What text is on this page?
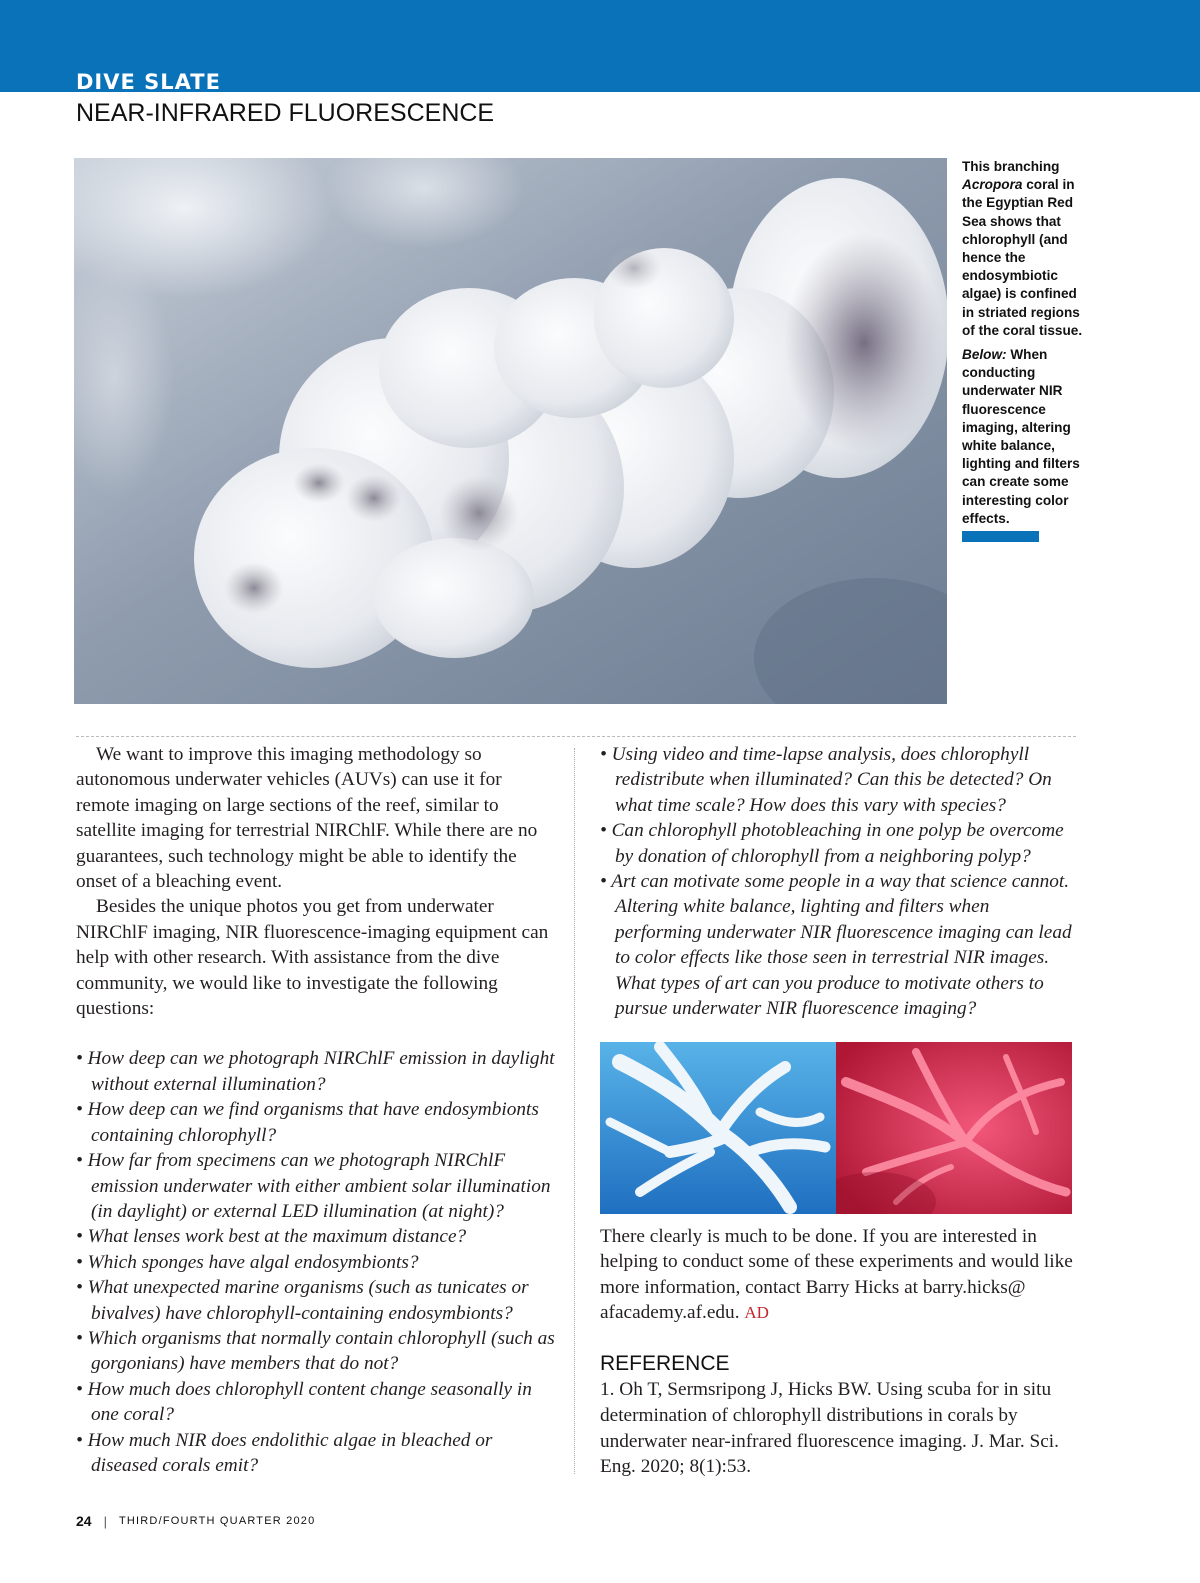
DIVE SLATE
NEAR-INFRARED FLUORESCENCE

This branching Acropora coral in the Egyptian Red Sea shows that chlorophyll (and hence the endosymbiotic algae) is confined in striated regions of the coral tissue.

Below: When conducting underwater NIR fluorescence imaging, altering white balance, lighting and filters can create some interesting color effects.

We want to improve this imaging methodology so autonomous underwater vehicles (AUVs) can use it for remote imaging on large sections of the reef, similar to satellite imaging for terrestrial NIRChlF. While there are no guarantees, such technology might be able to identify the onset of a bleaching event.

Besides the unique photos you get from underwater NIRChlF imaging, NIR fluorescence-imaging equipment can help with other research. With assistance from the dive community, we would like to investigate the following questions:

• How deep can we photograph NIRChlF emission in daylight without external illumination?
• How deep can we find organisms that have endosymbionts containing chlorophyll?
• How far from specimens can we photograph NIRChlF emission underwater with either ambient solar illumination (in daylight) or external LED illumination (at night)?
• What lenses work best at the maximum distance?
• Which sponges have algal endosymbionts?
• What unexpected marine organisms (such as tunicates or bivalves) have chlorophyll-containing endosymbionts?
• Which organisms that normally contain chlorophyll (such as gorgonians) have members that do not?
• How much does chlorophyll content change seasonally in one coral?
• How much NIR does endolithic algae in bleached or diseased corals emit?
• Using video and time-lapse analysis, does chlorophyll redistribute when illuminated? Can this be detected? On what time scale? How does this vary with species?
• Can chlorophyll photobleaching in one polyp be overcome by donation of chlorophyll from a neighboring polyp?
• Art can motivate some people in a way that science cannot. Altering white balance, lighting and filters when performing underwater NIR fluorescence imaging can lead to color effects like those seen in terrestrial NIR images. What types of art can you produce to motivate others to pursue underwater NIR fluorescence imaging?

There clearly is much to be done. If you are interested in helping to conduct some of these experiments and would like more information, contact Barry Hicks at barry.hicks@ afacademy.af.edu. AD

REFERENCE

1. Oh T, Sermsripong J, Hicks BW. Using scuba for in situ determination of chlorophyll distributions in corals by underwater near-infrared fluorescence imaging. J. Mar. Sci. Eng. 2020; 8(1):53.

24 | THIRD/FOURTH QUARTER 2020
